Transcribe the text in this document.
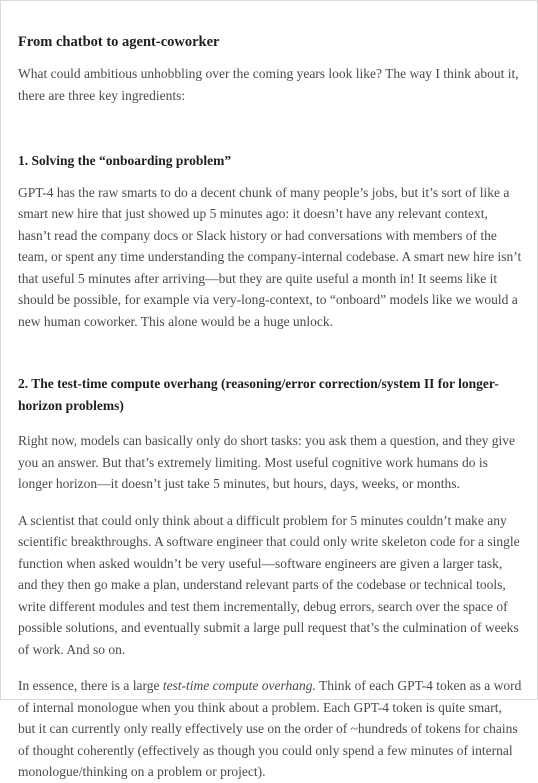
From chatbot to agent-coworker

What could ambitious unhobbling over the coming years look like? The way I think about it, there are three key ingredients:

1. Solving the “onboarding problem”

GPT-4 has the raw smarts to do a decent chunk of many people’s jobs, but it’s sort of like a smart new hire that just showed up 5 minutes ago: it doesn’t have any relevant context, hasn’t read the company docs or Slack history or had conversations with members of the team, or spent any time understanding the company-internal codebase. A smart new hire isn’t that useful 5 minutes after arriving—but they are quite useful a month in! It seems like it should be possible, for example via very-long-context, to “onboard” models like we would a new human coworker. This alone would be a huge unlock.

2. The test-time compute overhang (reasoning/error correction/system II for longer-horizon problems)

Right now, models can basically only do short tasks: you ask them a question, and they give you an answer. But that’s extremely limiting. Most useful cognitive work humans do is longer horizon—it doesn’t just take 5 minutes, but hours, days, weeks, or months.

A scientist that could only think about a difficult problem for 5 minutes couldn’t make any scientific breakthroughs. A software engineer that could only write skeleton code for a single function when asked wouldn’t be very useful—software engineers are given a larger task, and they then go make a plan, understand relevant parts of the codebase or technical tools, write different modules and test them incrementally, debug errors, search over the space of possible solutions, and eventually submit a large pull request that’s the culmination of weeks of work. And so on.

In essence, there is a large test-time compute overhang. Think of each GPT-4 token as a word of internal monologue when you think about a problem. Each GPT-4 token is quite smart, but it can currently only really effectively use on the order of ~hundreds of tokens for chains of thought coherently (effectively as though you could only spend a few minutes of internal monologue/thinking on a problem or project).
